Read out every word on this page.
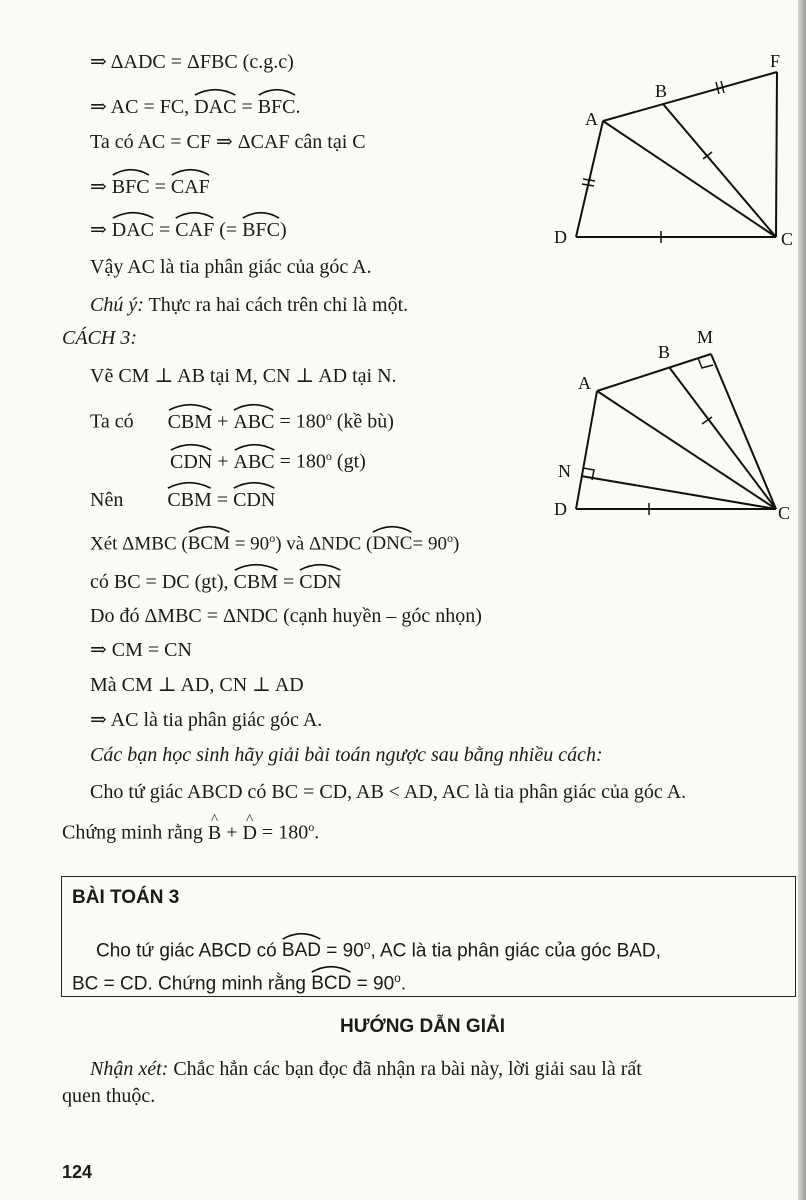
⇒ ΔADC = ΔFBC (c.g.c)
⇒ AC = FC, DAC = BFC.
Ta có AC = CF ⇒ ΔCAF cân tại C
⇒ BFC = CAF
⇒ DAC = CAF (= BFC)
Vậy AC là tia phân giác của góc A.
Chú ý: Thực ra hai cách trên chỉ là một.
CÁCH 3:
Vẽ CM ⊥ AB tại M, CN ⊥ AD tại N.
Ta có CBM + ABC = $180^o$ (kề bù)
CDN + ABC = $180^o$ (gt)
Nên CBM = CDN
Xét ΔMBC (
BCM = $90^o$) và ΔNDC (
$DNC= 90^o$)
có BC = DC (gt), CBM = CDN
Do đó ΔMBC = ΔNDC (cạnh huyền – góc nhọn)
⇒ CM = CN
Mà CM ⊥ AD, CN ⊥ AD
⇒ AC là tia phân giác góc A.
Các bạn học sinh hãy giải bài toán ngược sau bằng nhiều cách:
Cho tứ giác ABCD có BC = CD, AB < AD, AC là tia phân giác của góc A.
Chứng minh rằng ^ B + ^ $D = 180^o$.
BÀI TOÁN 3
Cho tứ giác ABCD có BAD = $90^o$, AC là tia phân giác của góc BAD,
BC = CD. Chứng minh rằng BCD = $90^o$.
HƯỚNG DẪN GIẢI
Nhận xét: Chắc hẳn các bạn đọc đã nhận ra bài này, lời giải sau là rất
quen thuộc.
124
A
B
C
D
F
A
B
C
D
M
N
